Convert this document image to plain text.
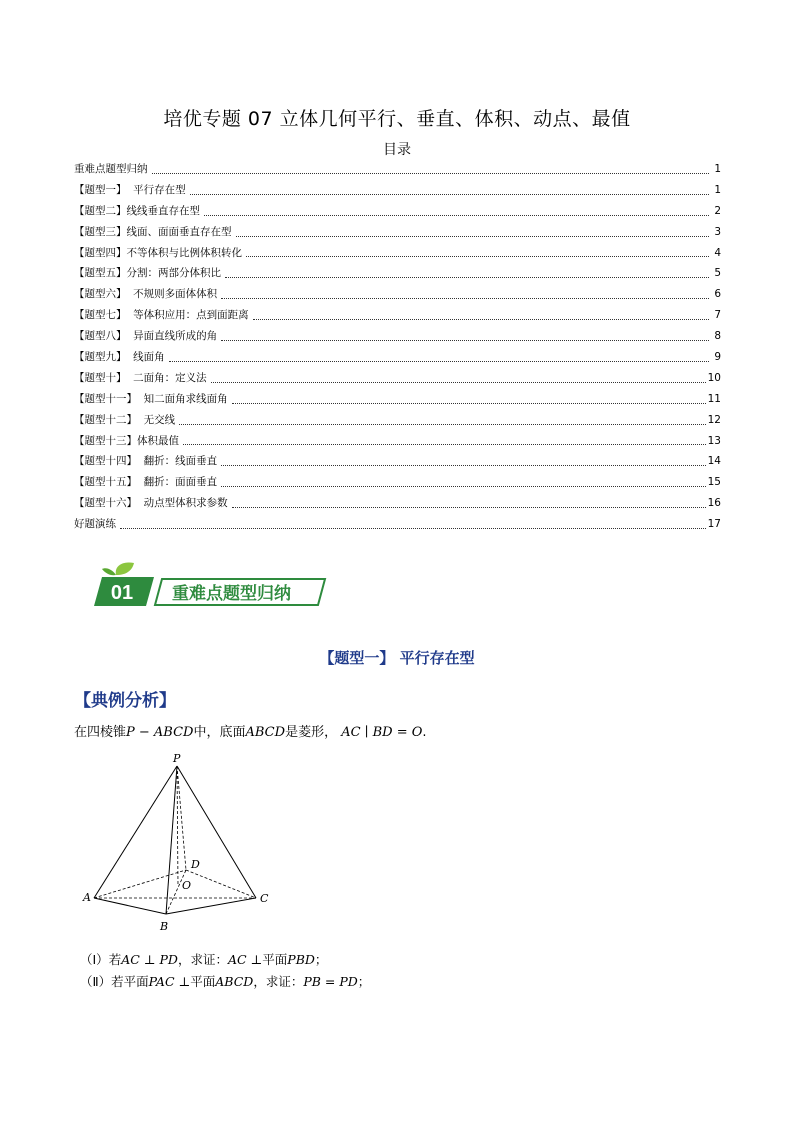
培优专题 07 立体几何平行、垂直、体积、动点、最值
目录
重难点题型归纳	1
【题型一】  平行存在型	1
【题型二】线线垂直存在型	2
【题型三】线面、面面垂直存在型	3
【题型四】不等体积与比例体积转化	4
【题型五】分割：两部分体积比	5
【题型六】  不规则多面体体积	6
【题型七】  等体积应用：点到面距离	7
【题型八】  异面直线所成的角	8
【题型九】  线面角	9
【题型十】  二面角：定义法	10
【题型十一】  知二面角求线面角	11
【题型十二】  无交线	12
【题型十三】体积最值	13
【题型十四】  翻折：线面垂直	14
【题型十五】  翻折：面面垂直	15
【题型十六】  动点型体积求参数	16
好题演练	17
01 重难点题型归纳
【题型一】 平行存在型
【典例分析】
在四棱锥P − ABCD中，底面ABCD是菱形， AC ∣ BD = O.
P
A
B
C
D
O
（Ⅰ）若AC ⊥ PD，求证：AC ⊥平面PBD；
（Ⅱ）若平面PAC ⊥平面ABCD，求证：PB = PD；
